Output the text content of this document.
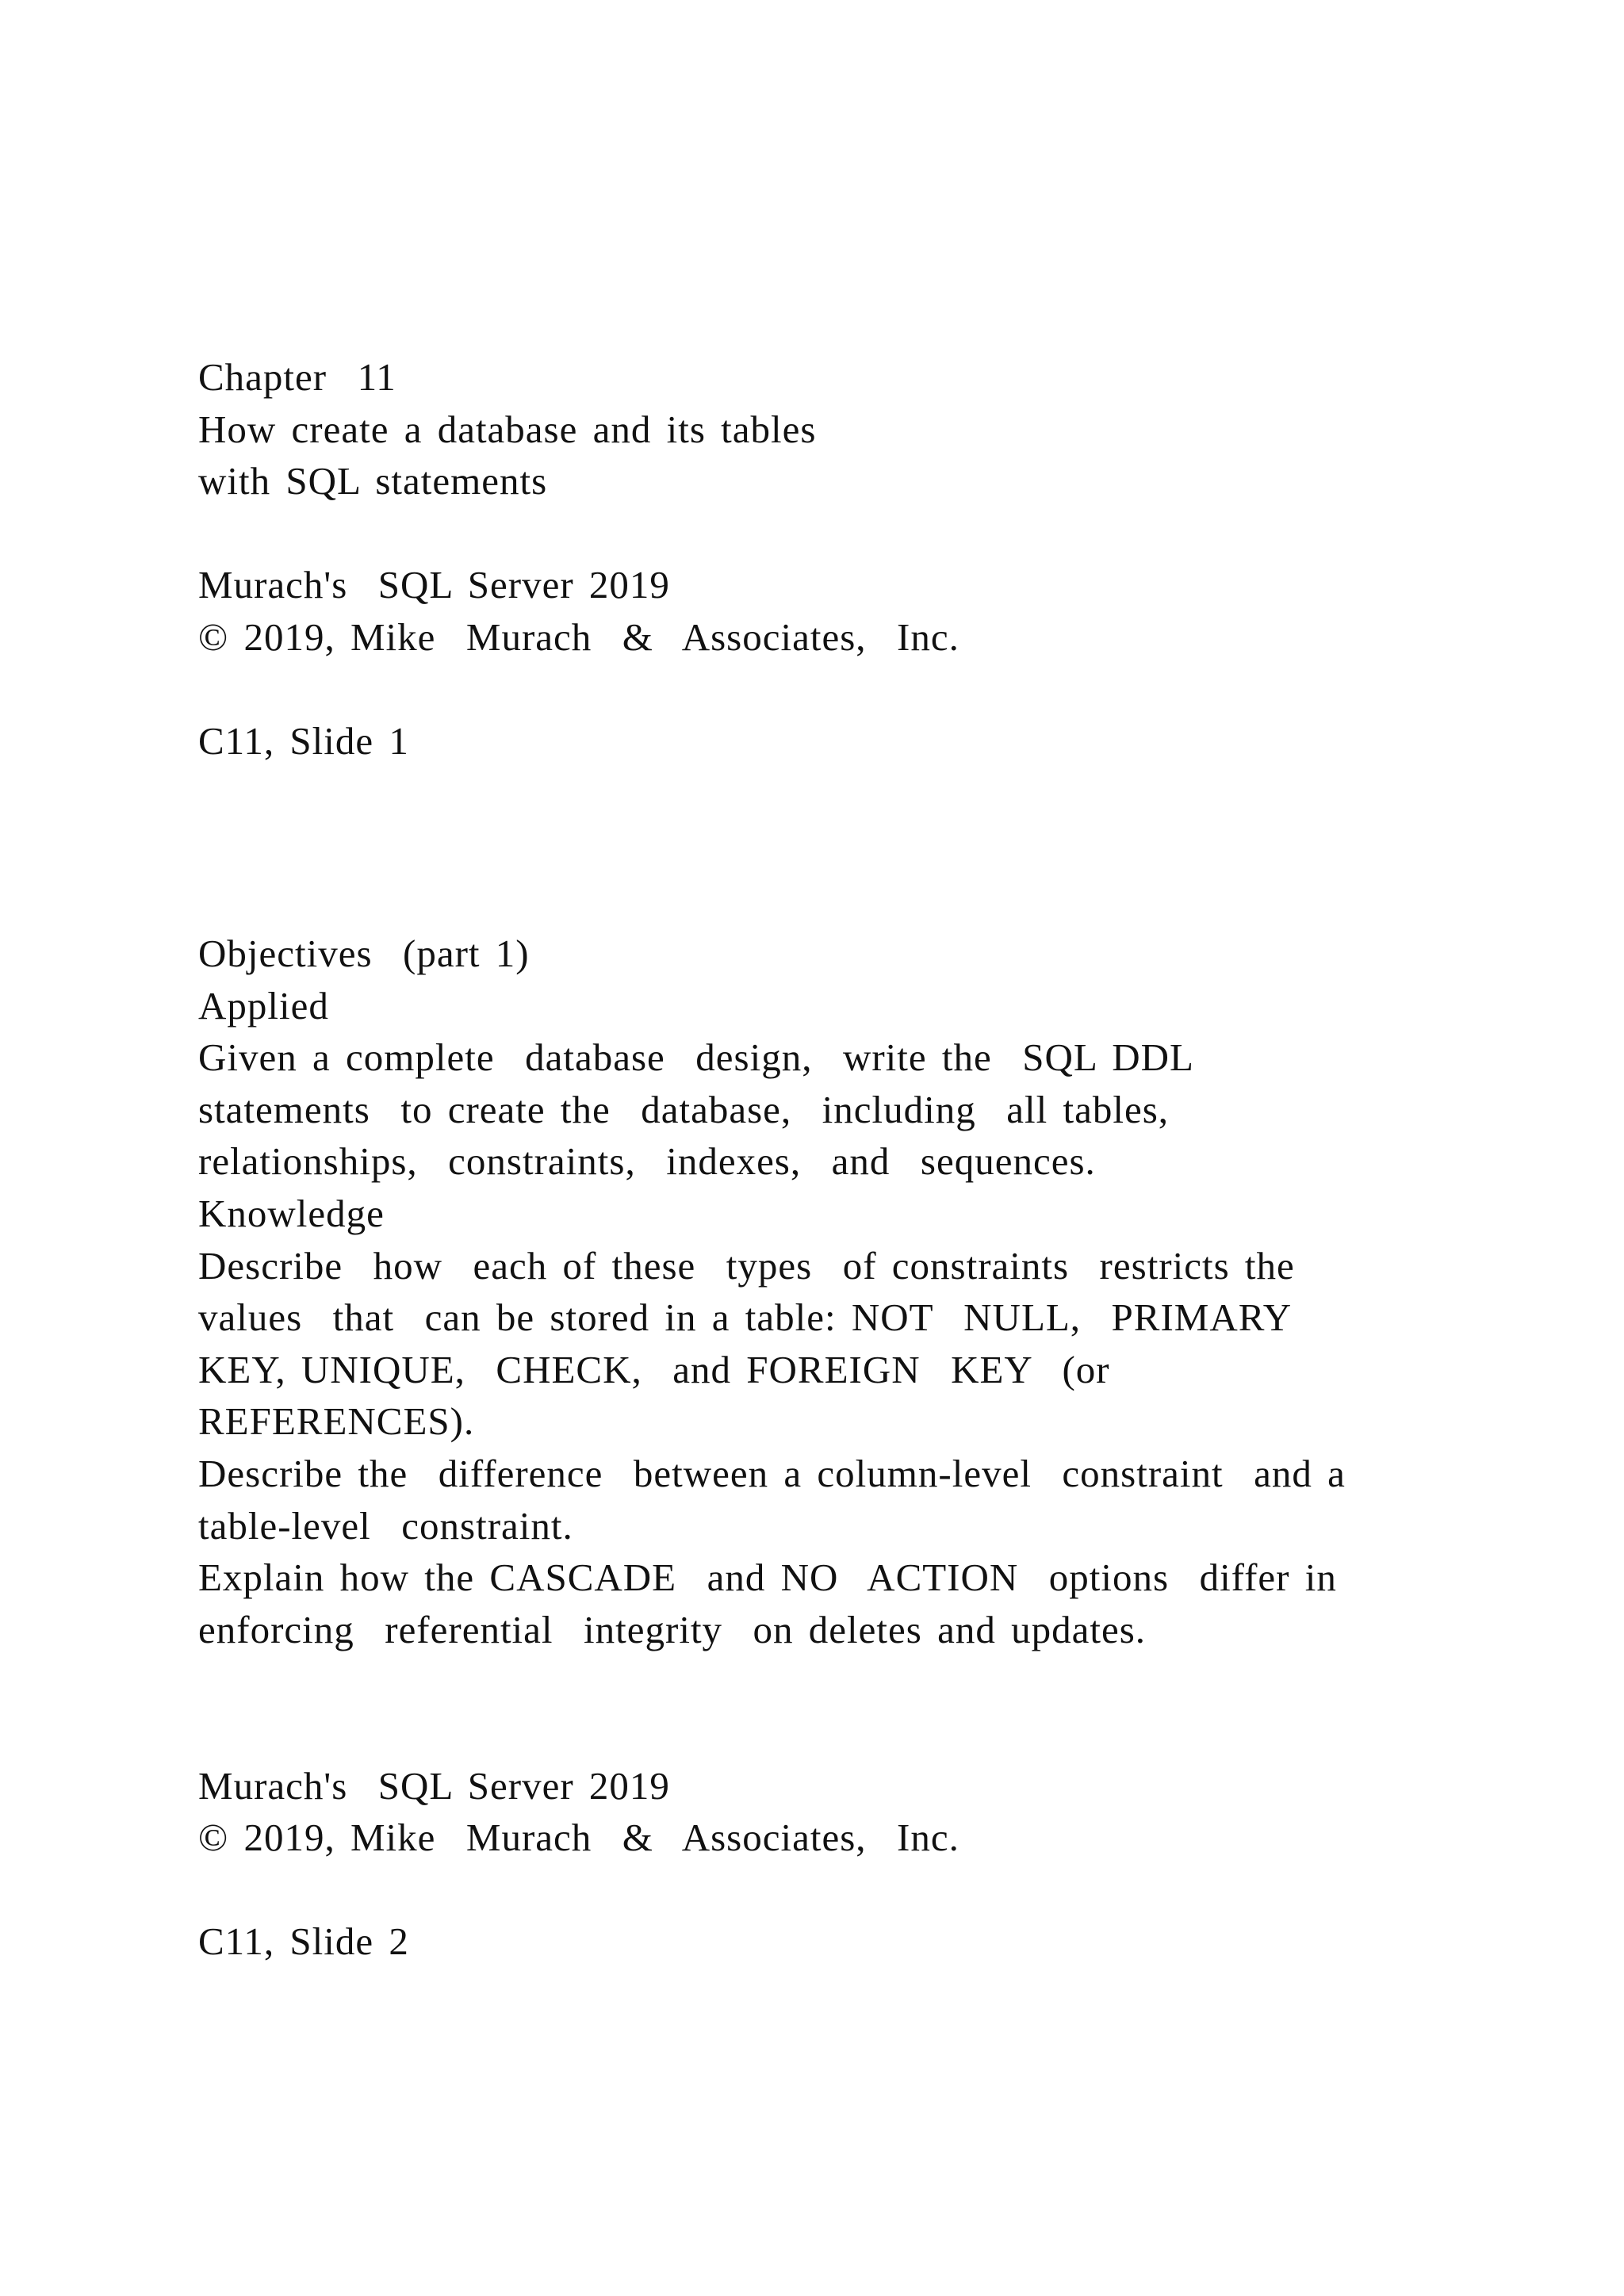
Chapter  11
How create a database and its tables
with SQL statements
Murach's  SQL Server 2019
© 2019, Mike  Murach  &  Associates,  Inc.
C11, Slide 1
Objectives  (part 1)
Applied
Given a complete  database  design,  write the  SQL DDL
statements  to create the  database,  including  all tables,
relationships,  constraints,  indexes,  and  sequences.
Knowledge
Describe  how  each of these  types  of constraints  restricts the
values  that  can be stored in a table: NOT  NULL,  PRIMARY
KEY, UNIQUE,  CHECK,  and FOREIGN  KEY  (or
REFERENCES).
Describe the  difference  between a column-level  constraint  and a
table-level  constraint.
Explain how the CASCADE  and NO  ACTION  options  differ in
enforcing  referential  integrity  on deletes and updates.
Murach's  SQL Server 2019
© 2019, Mike  Murach  &  Associates,  Inc.
C11, Slide 2
